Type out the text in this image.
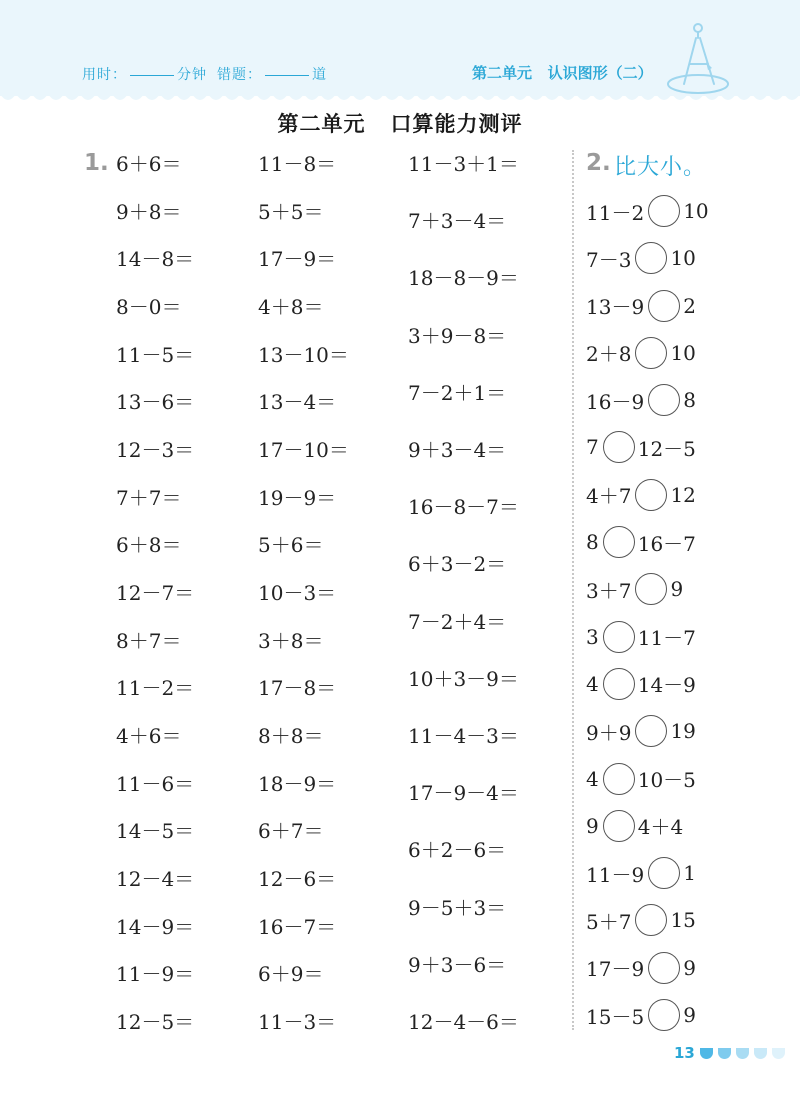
用时：	分钟 错题：	道	第二单元   认识图形（二）
第二单元   口算能力测评
1. 6＋6＝
9＋8＝
14－8＝
8－0＝
11－5＝
13－6＝
12－3＝
7＋7＝
6＋8＝
12－7＝
8＋7＝
11－2＝
4＋6＝
11－6＝
14－5＝
12－4＝
14－9＝
11－9＝
12－5＝
11－8＝
5＋5＝
17－9＝
4＋8＝
13－10＝
13－4＝
17－10＝
19－9＝
5＋6＝
10－3＝
3＋8＝
17－8＝
8＋8＝
18－9＝
6＋7＝
12－6＝
16－7＝
6＋9＝
11－3＝
11－3＋1＝
7＋3－4＝
18－8－9＝
3＋9－8＝
7－2＋1＝
9＋3－4＝
16－8－7＝
6＋3－2＝
7－2＋4＝
10＋3－9＝
11－4－3＝
17－9－4＝
6＋2－6＝
9－5＋3＝
9＋3－6＝
12－4－6＝
2. 比大小。
11－2 10
7－3 10
13－9 2
2＋8 10
16－9 8
7 12－5
4＋7 12
8 16－7
3＋7 9
3 11－7
4 14－9
9＋9 19
4 10－5
9 4＋4
11－9 1
5＋7 15
17－9 9
15－5 9
13
